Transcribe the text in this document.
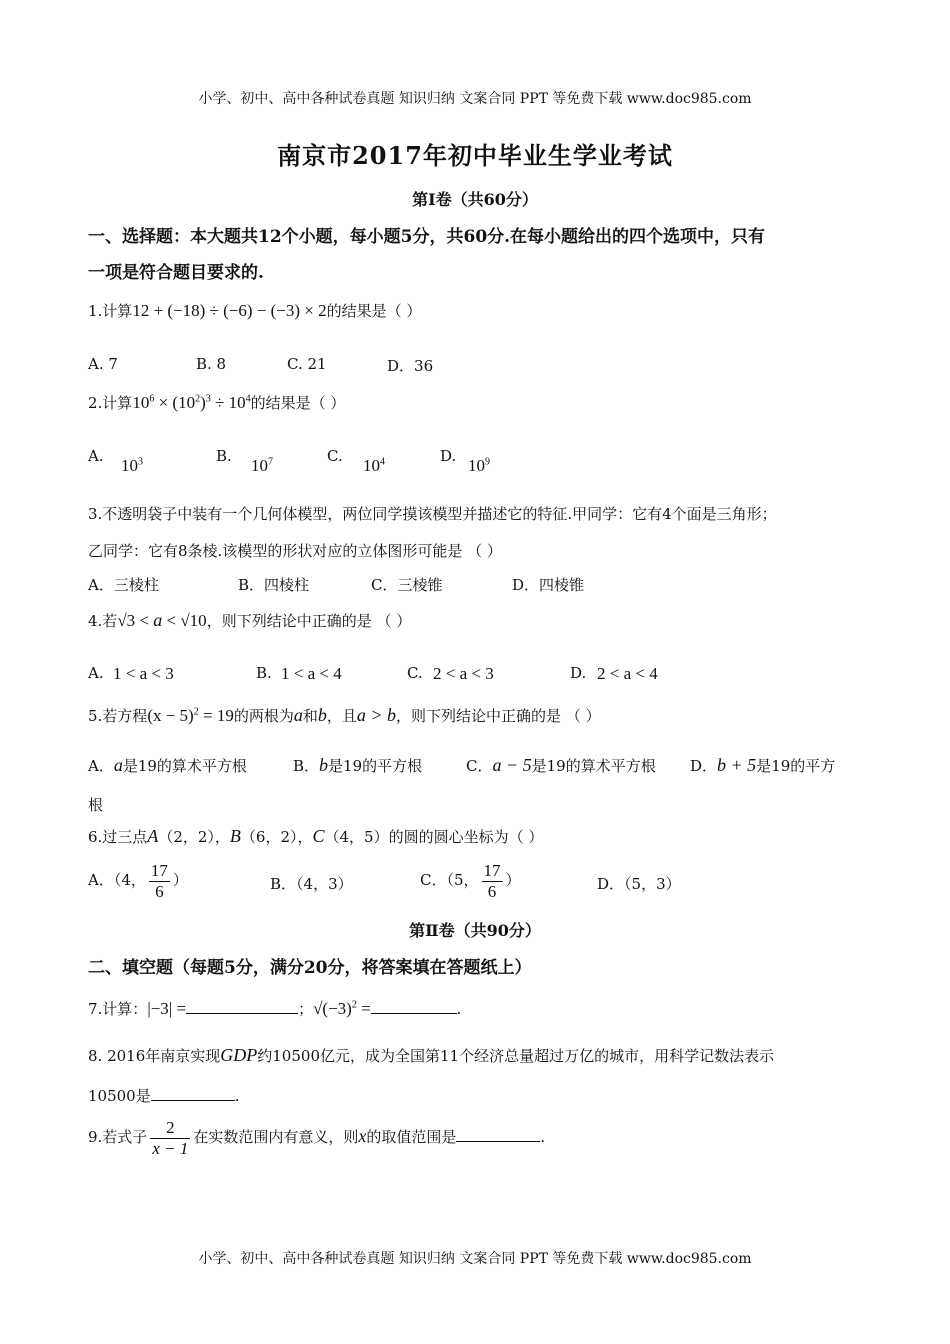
小学、初中、高中各种试卷真题 知识归纳 文案合同 PPT 等免费下载 www.doc985.com
南京市2017年初中毕业生学业考试
第Ⅰ卷（共60分）
一、选择题：本大题共12个小题，每小题5分，共60分.在每小题给出的四个选项中，只有
一项是符合题目要求的.
1.计算12 + (−18) ÷ (−6) − (−3) × 2的结果是（ ）
A. 7	B. 8	C. 21	D．36
2.计算$10^6 \times (10^2)^3 \div 10^4$的结果是（ ）
A. $10^3$	B. $10^7$	C. $10^4$	D. $10^9$
3.不透明袋子中装有一个几何体模型，两位同学摸该模型并描述它的特征.甲同学：它有4个面是三角形；
乙同学：它有8条棱.该模型的形状对应的立体图形可能是 （ ）
A．三棱柱	B．四棱柱	C．三棱锥	D．四棱锥
4.若√3 < a < √10，则下列结论中正确的是 （ ）
A. 1 < a < 3	B. 1 < a < 4	C. 2 < a < 3	D. 2 < a < 4
5.若方程$(x - 5)^2 = 19$的两根为a和b，且a > b，则下列结论中正确的是 （ ）
A．a是19的算术平方根	B．b是19的平方根	C．a − 5是19的算术平方根 D．b + 5是19的平方
根
6.过三点A（2，2），B（6，2），C（4，5）的圆的圆心坐标为（ ）
A．（4， $\frac{17}{6}$ ）	B．（4，3）	C．（5， $\frac{17}{6}$ ）	D．（5，3）
第Ⅱ卷（共90分）
二、填空题（每题5分，满分20分，将答案填在答题纸上）
7.计算：|−3| =	；$√(-3)^2$ =	.
8. 2016年南京实现GDP约10500亿元，成为全国第11个经济总量超过万亿的城市，用科学记数法表示
10500是	.
9.若式子 $\frac{2}{x - 1}$ 在实数范围内有意义，则x的取值范围是	.
小学、初中、高中各种试卷真题 知识归纳 文案合同 PPT 等免费下载 www.doc985.com
